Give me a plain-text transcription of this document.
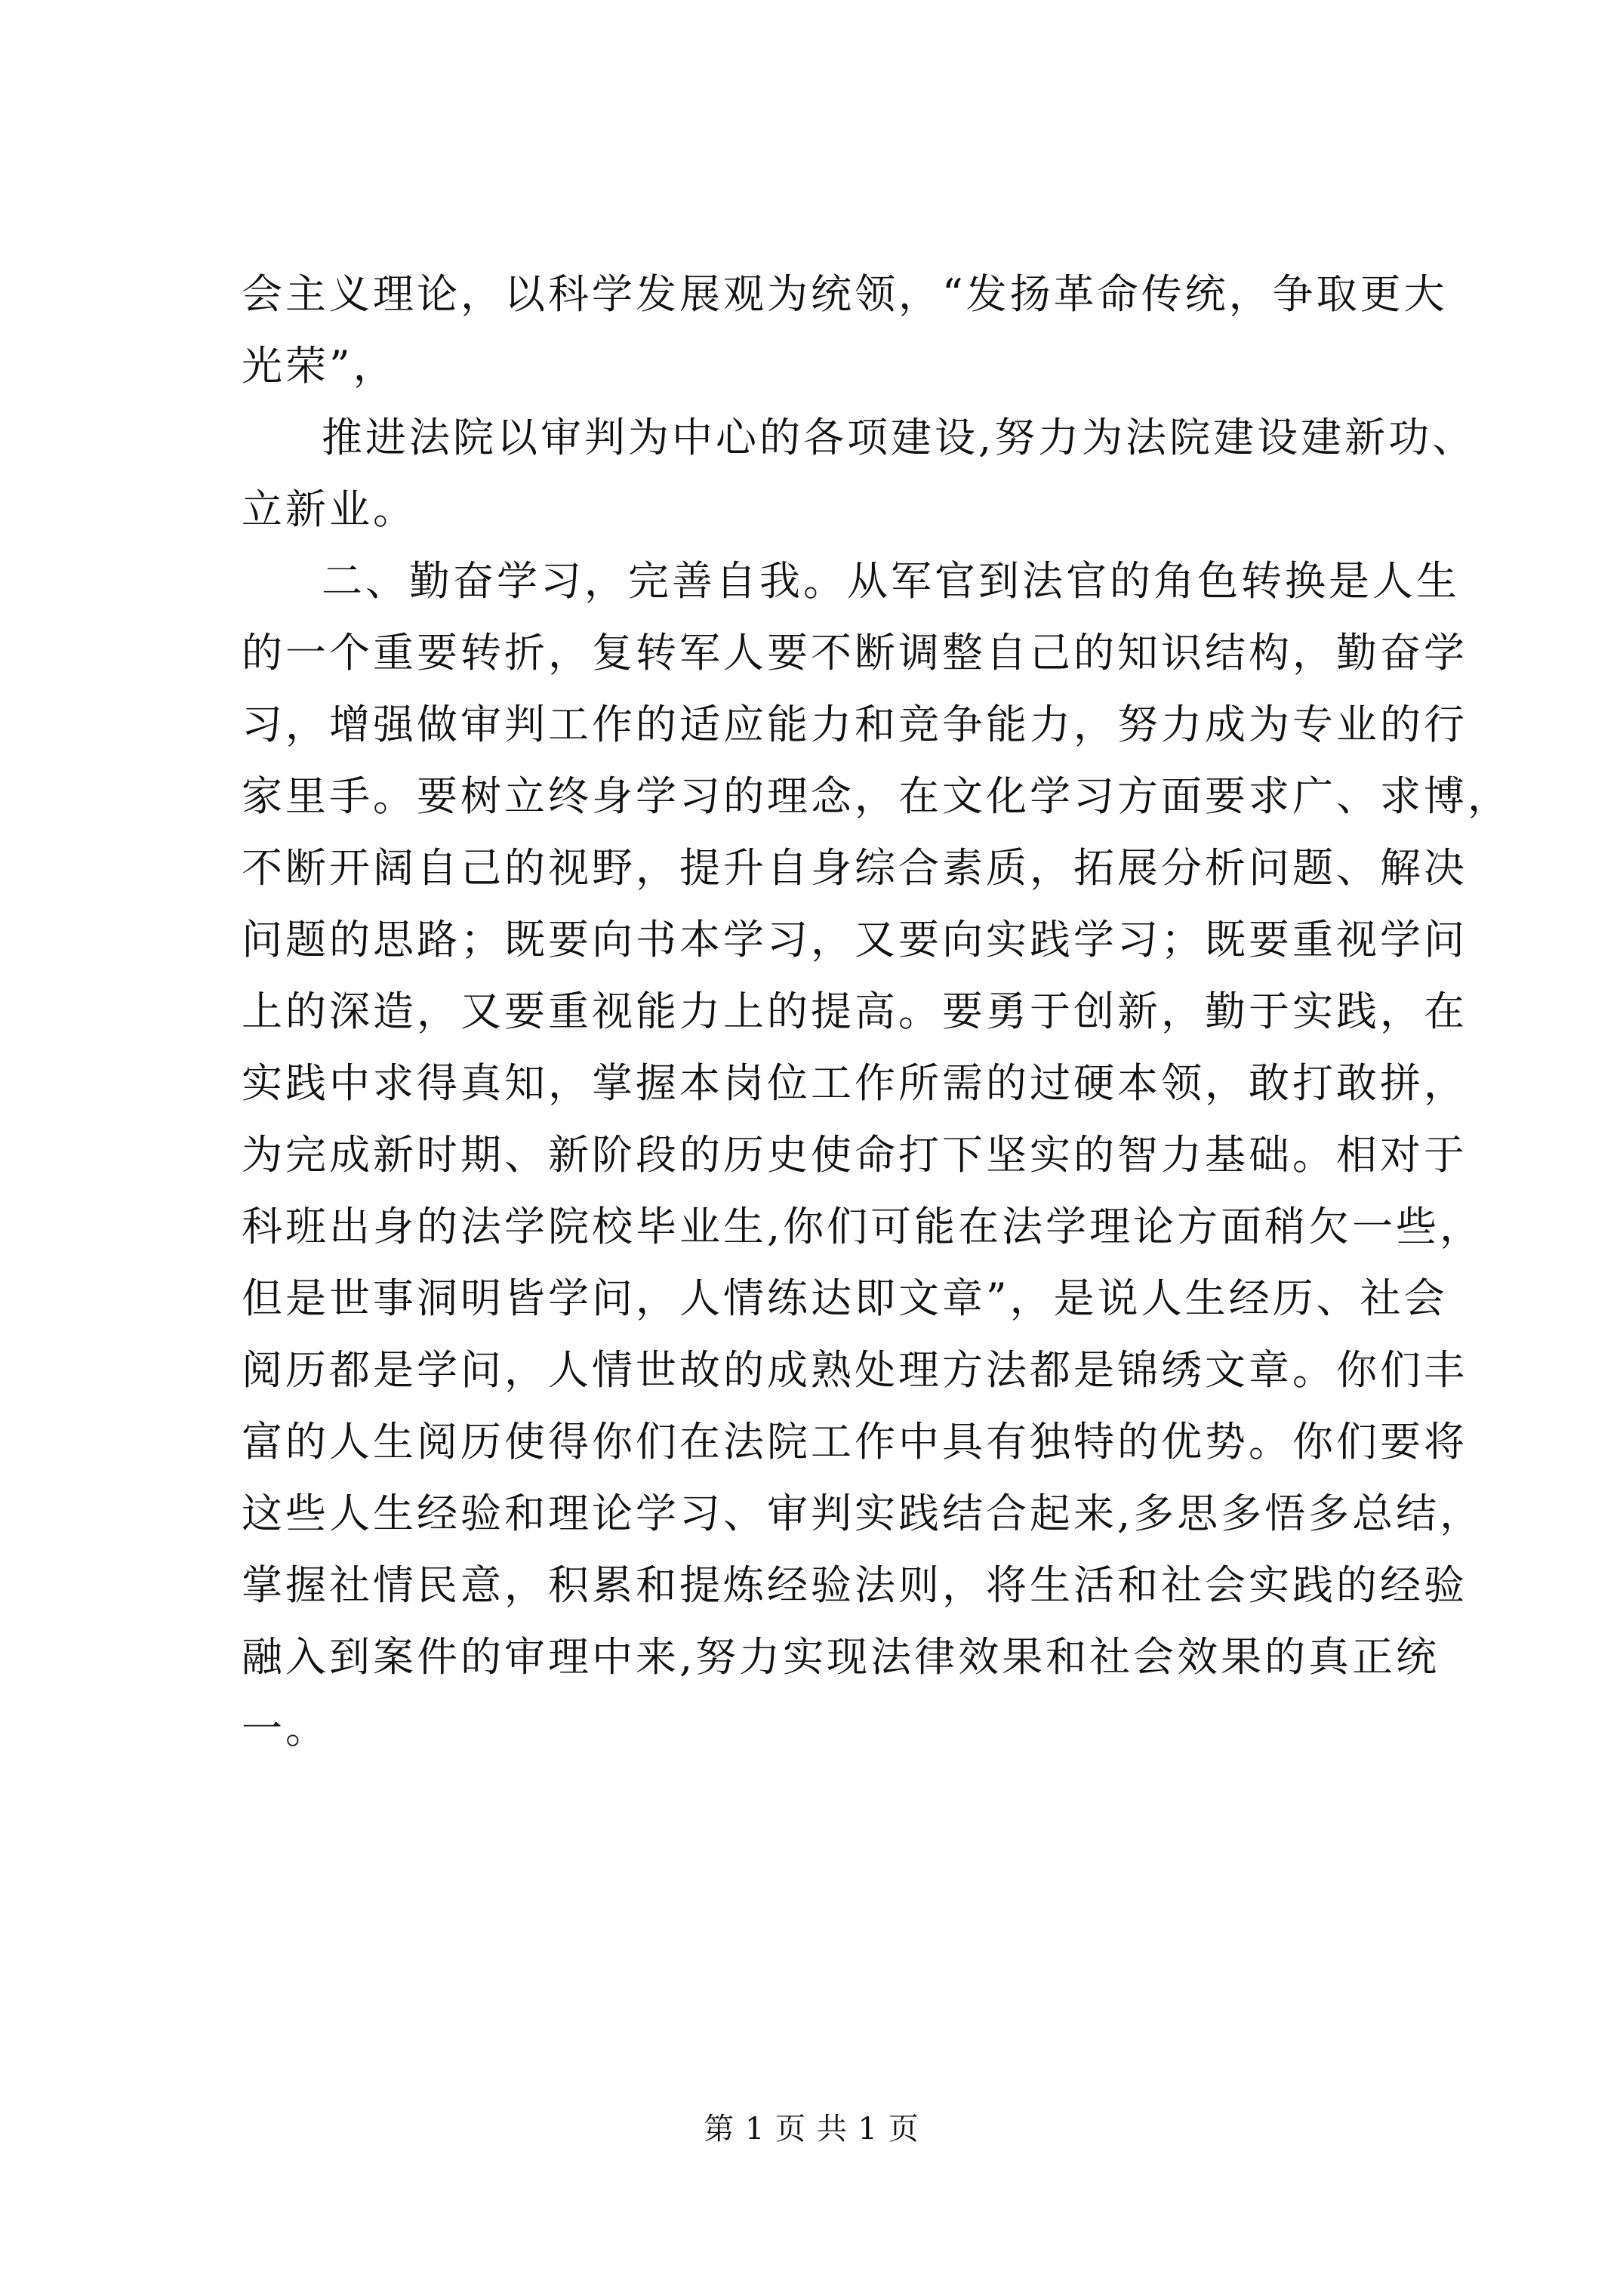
会主义理论，以科学发展观为统领，“发扬革命传统，争取更大
光荣”，
推进法院以审判为中心的各项建设,努力为法院建设建新功、
立新业。
二、勤奋学习，完善自我。从军官到法官的角色转换是人生
的一个重要转折，复转军人要不断调整自己的知识结构，勤奋学
习，增强做审判工作的适应能力和竞争能力，努力成为专业的行
家里手。要树立终身学习的理念，在文化学习方面要求广、求博，
不断开阔自己的视野，提升自身综合素质，拓展分析问题、解决
问题的思路；既要向书本学习，又要向实践学习；既要重视学问
上的深造，又要重视能力上的提高。要勇于创新，勤于实践，在
实践中求得真知，掌握本岗位工作所需的过硬本领，敢打敢拼，
为完成新时期、新阶段的历史使命打下坚实的智力基础。相对于
科班出身的法学院校毕业生,你们可能在法学理论方面稍欠一些，
但是世事洞明皆学问，人情练达即文章”，是说人生经历、社会
阅历都是学问，人情世故的成熟处理方法都是锦绣文章。你们丰
富的人生阅历使得你们在法院工作中具有独特的优势。你们要将
这些人生经验和理论学习、审判实践结合起来,多思多悟多总结，
掌握社情民意，积累和提炼经验法则，将生活和社会实践的经验
融入到案件的审理中来,努力实现法律效果和社会效果的真正统
一。
第 1 页 共 1 页
